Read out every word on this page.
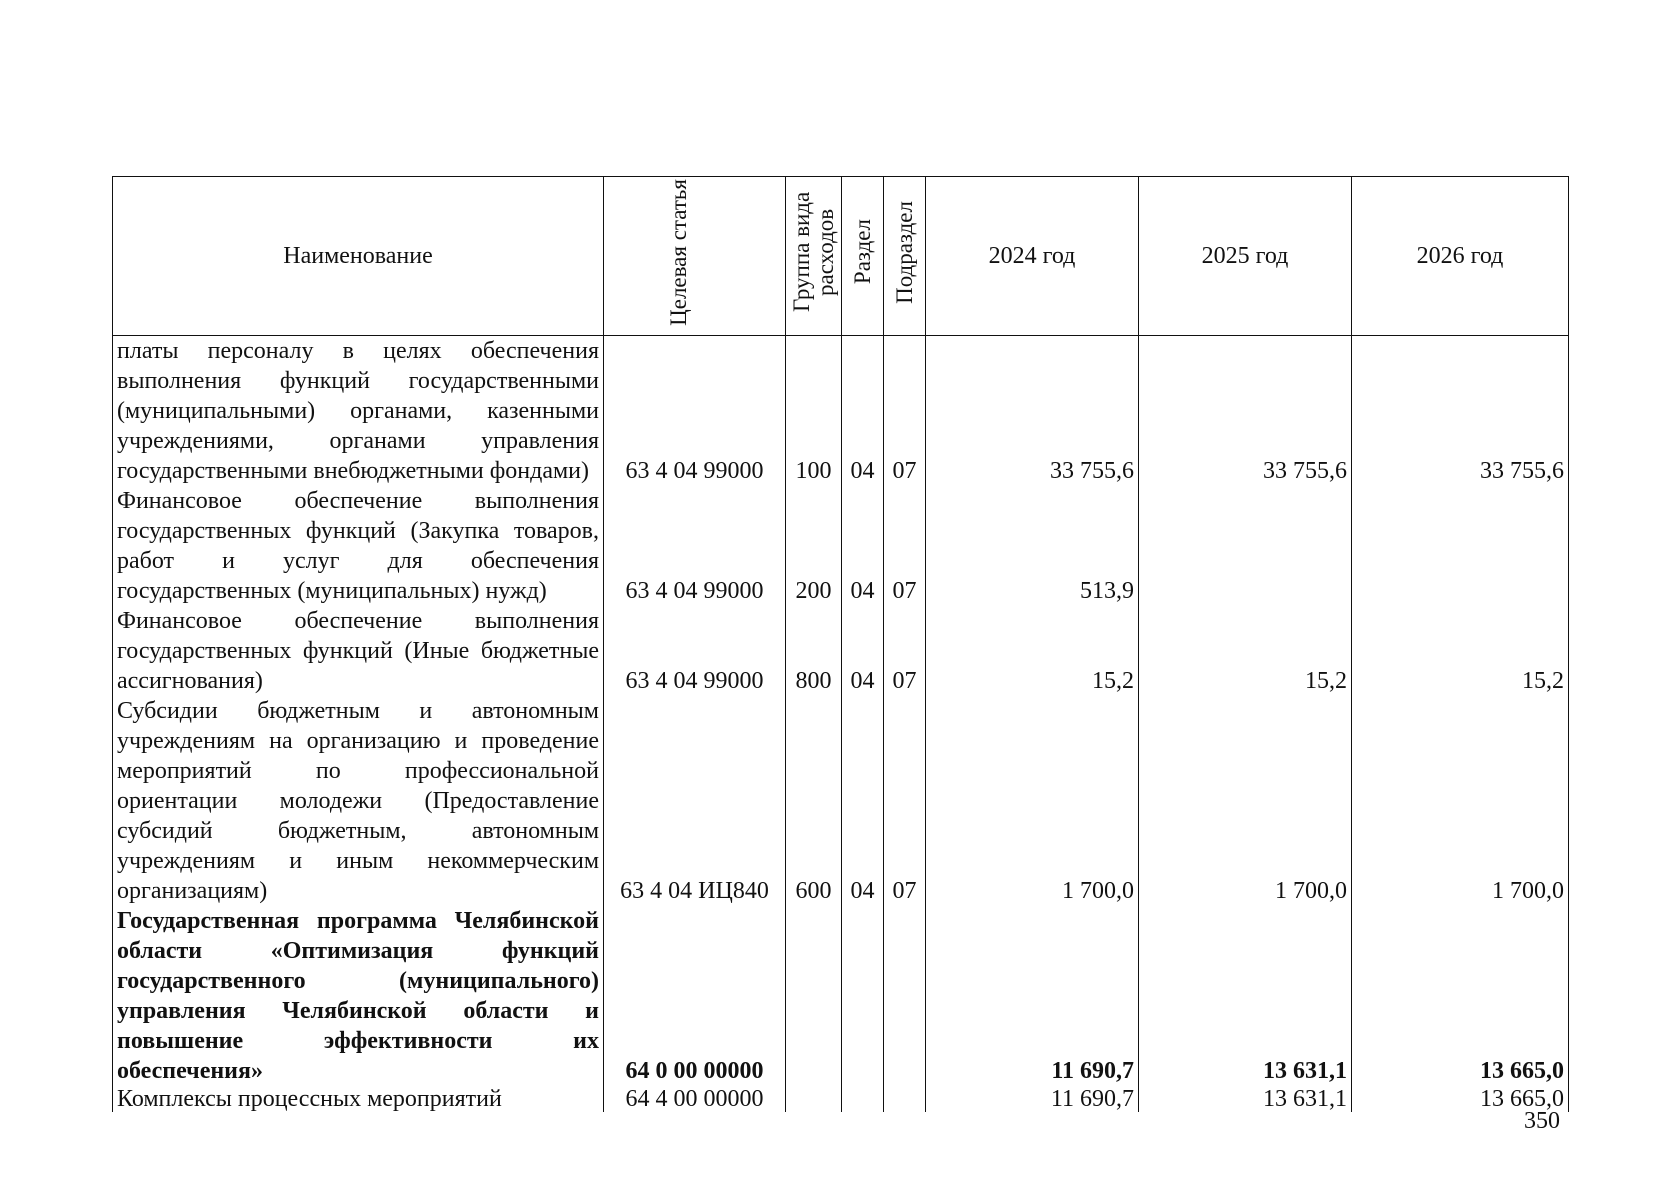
Наименование	Целевая статья	Группа вида расходов	Раздел	Подраздел	2024 год	2025 год	2026 год
платы персоналу в целях обеспечения выполнения функций государственными (муниципальными) органами, казенными учреждениями, органами управления государственными внебюджетными фондами)	63 4 04 99000	100	04	07	33 755,6	33 755,6	33 755,6
Финансовое обеспечение выполнения государственных функций (Закупка товаров, работ и услуг для обеспечения государственных (муниципальных) нужд)	63 4 04 99000	200	04	07	513,9		
Финансовое обеспечение выполнения государственных функций (Иные бюджетные ассигнования)	63 4 04 99000	800	04	07	15,2	15,2	15,2
Субсидии бюджетным и автономным учреждениям на организацию и проведение мероприятий по профессиональной ориентации молодежи (Предоставление субсидий бюджетным, автономным учреждениям и иным некоммерческим организациям)	63 4 04 ИЦ840	600	04	07	1 700,0	1 700,0	1 700,0
Государственная программа Челябинской области «Оптимизация функций государственного (муниципального) управления Челябинской области и повышение эффективности их обеспечения»	64 0 00 00000				11 690,7	13 631,1	13 665,0
Комплексы процессных мероприятий	64 4 00 00000				11 690,7	13 631,1	13 665,0
350
